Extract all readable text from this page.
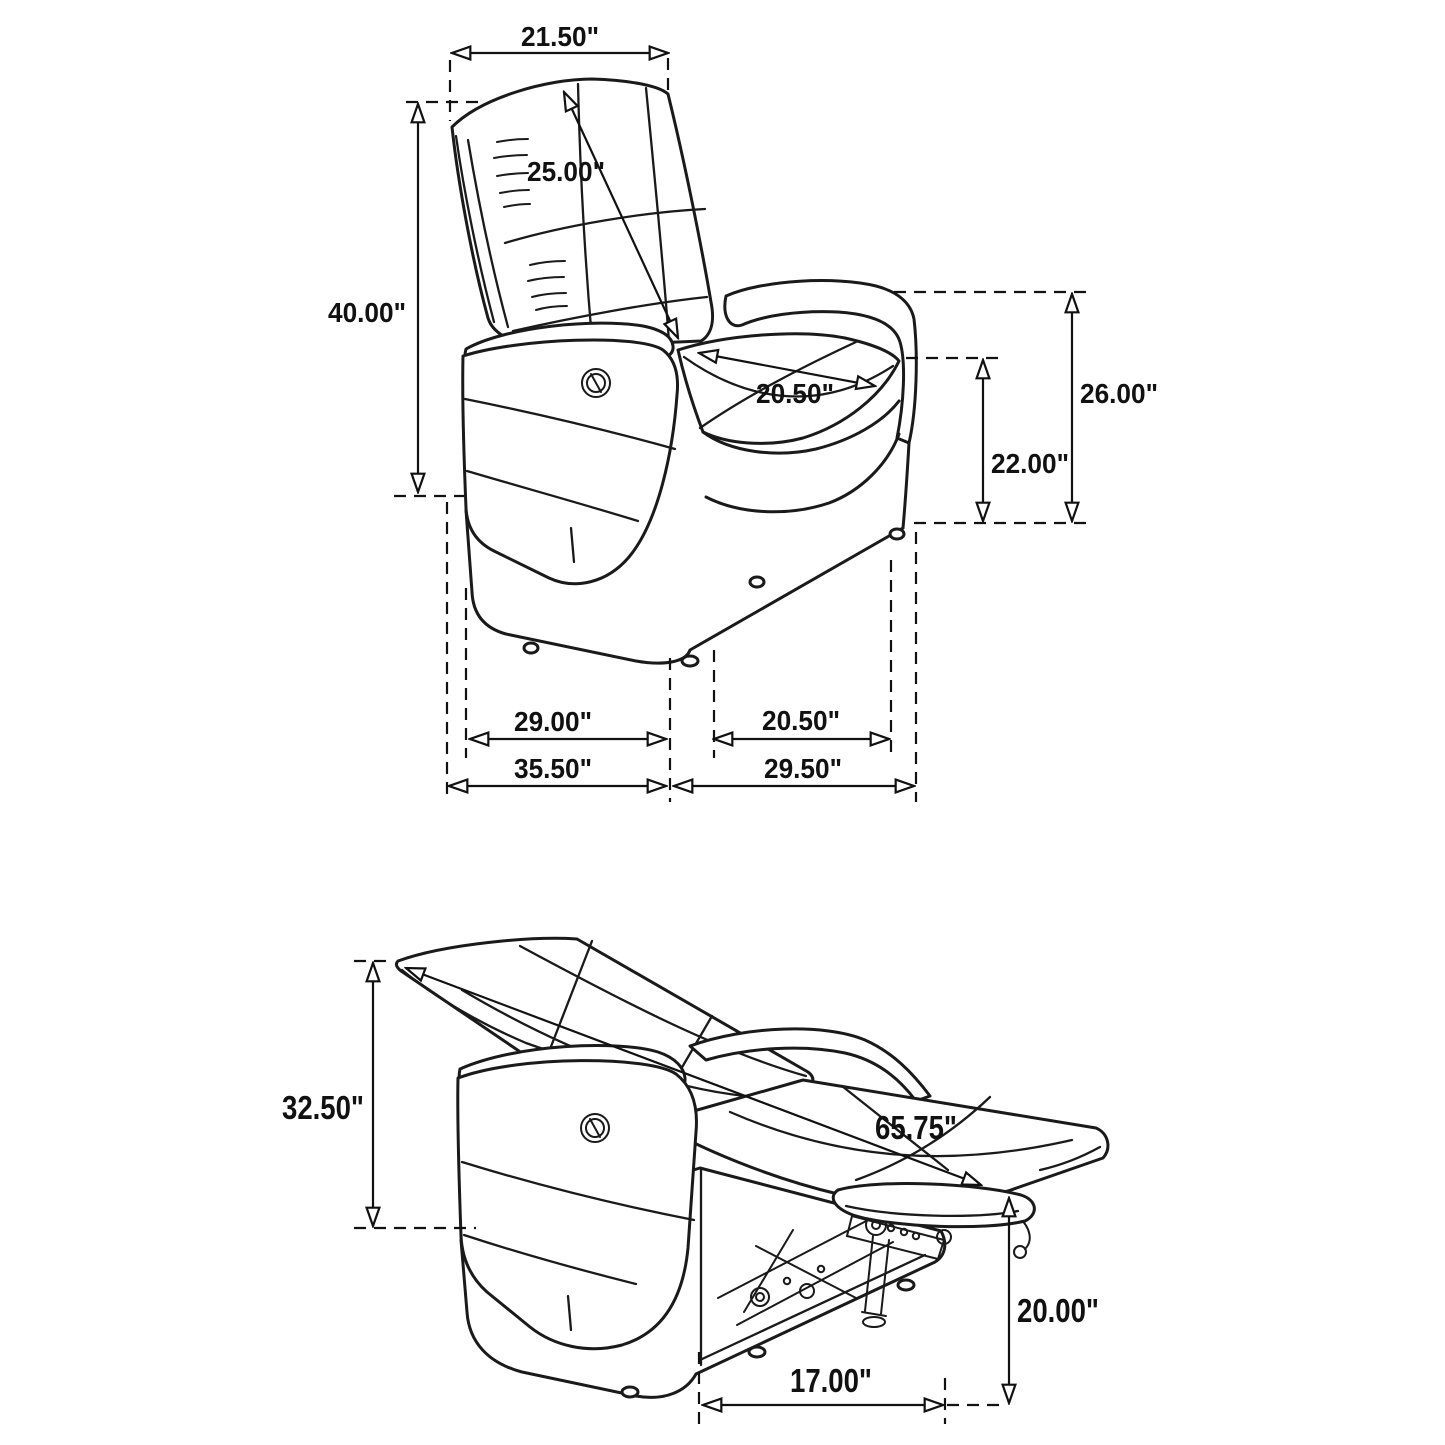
21.50"
25.00"
40.00"
20.50"	26.00"
22.00"
29.00"	20.50"
35.50"	29.50"
32.50"
65.75"
20.00"
17.00"
